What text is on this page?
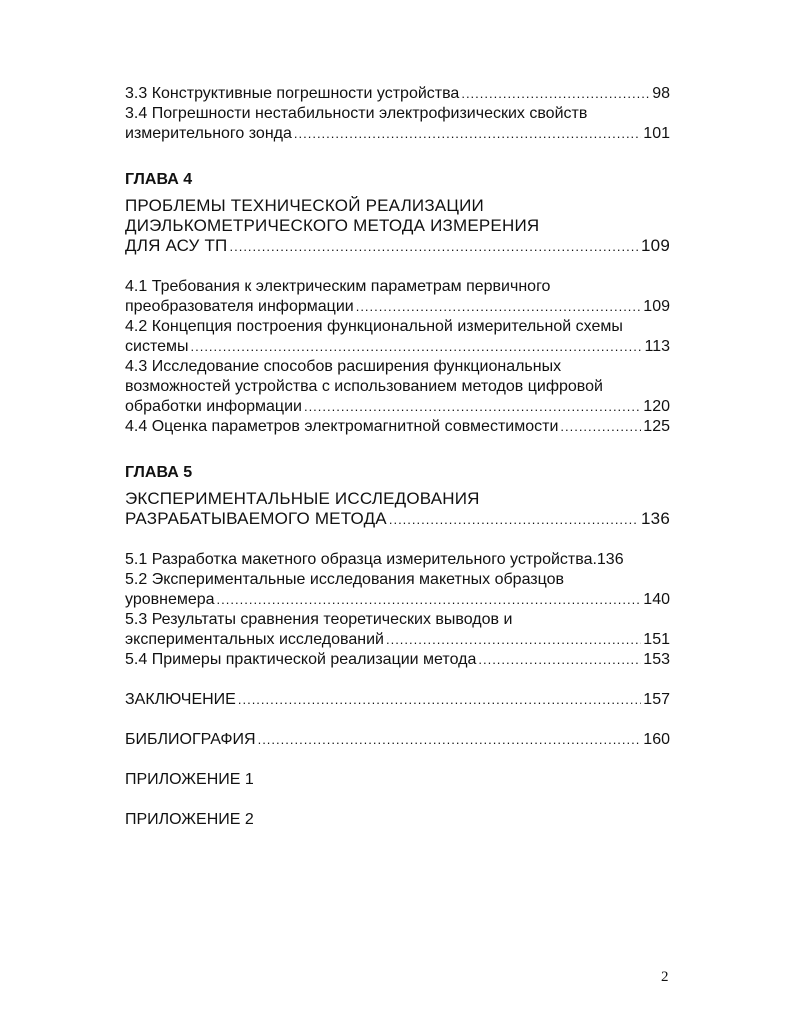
3.3 Конструктивные погрешности устройства .....	98
3.4 Погрешности нестабильности электрофизических свойств
измерительного зонда .....	101
ГЛАВА 4
ПРОБЛЕМЫ ТЕХНИЧЕСКОЙ РЕАЛИЗАЦИИ
ДИЭЛЬКОМЕТРИЧЕСКОГО МЕТОДА ИЗМЕРЕНИЯ
ДЛЯ АСУ ТП .....	109
4.1 Требования к электрическим параметрам первичного
преобразователя информации .....	109
4.2 Концепция построения функциональной измерительной схемы
системы .....	113
4.3 Исследование способов расширения функциональных
возможностей устройства с использованием методов цифровой
обработки информации .....	120
4.4 Оценка параметров электромагнитной совместимости .....	125
ГЛАВА 5
ЭКСПЕРИМЕНТАЛЬНЫЕ ИССЛЕДОВАНИЯ
РАЗРАБАТЫВАЕМОГО МЕТОДА .....	136
5.1 Разработка макетного образца измерительного устройства. 136
5.2 Экспериментальные исследования макетных образцов
уровнемера .....	140
5.3 Результаты сравнения теоретических выводов и
экспериментальных исследований .....	151
5.4 Примеры практической реализации метода .....	153
ЗАКЛЮЧЕНИЕ .....	157
БИБЛИОГРАФИЯ .....	160
ПРИЛОЖЕНИЕ 1
ПРИЛОЖЕНИЕ 2
2
